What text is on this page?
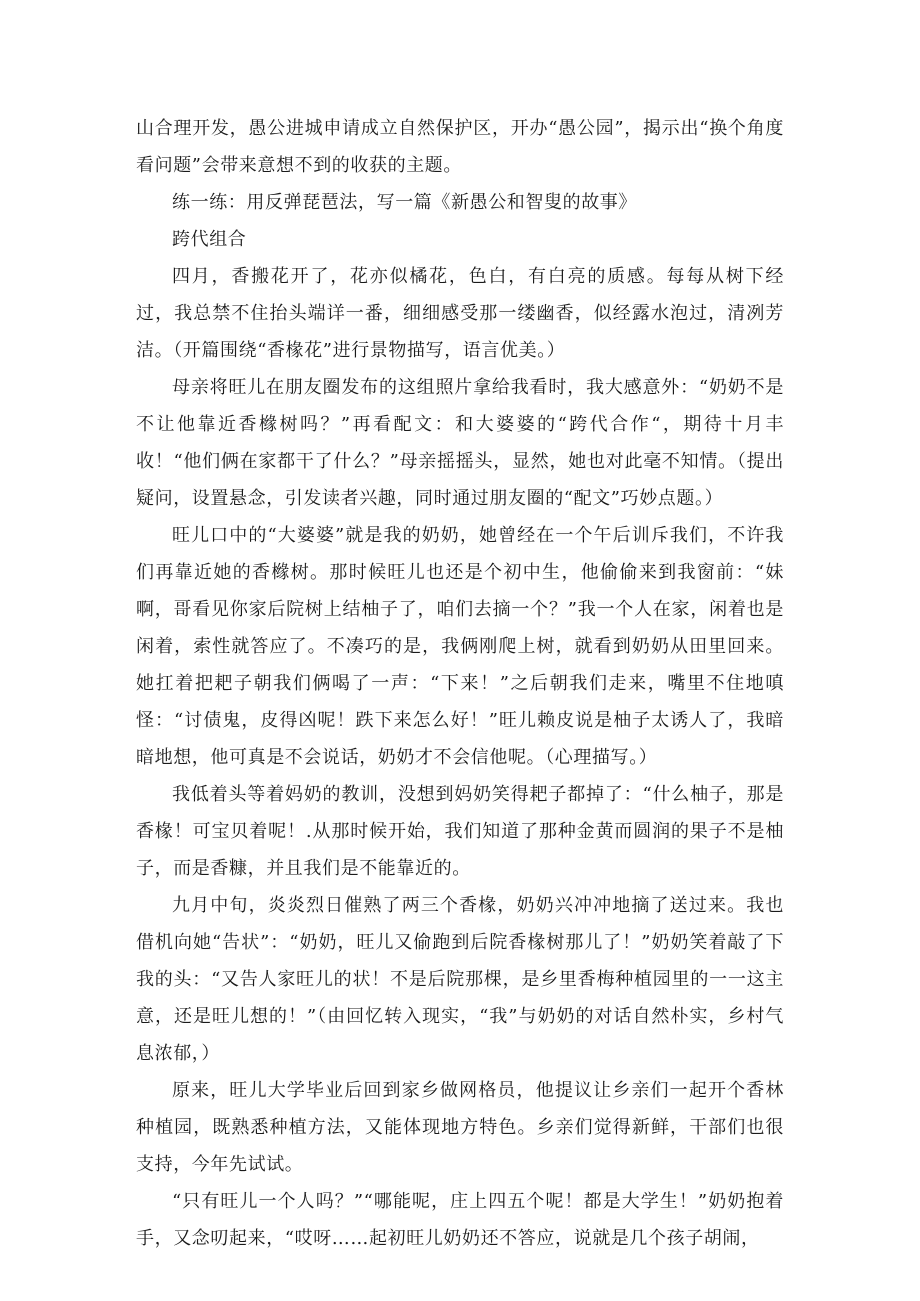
山合理开发，愚公进城申请成立自然保护区，开办“愚公园”，揭示出“换个角度看问题”会带来意想不到的收获的主题。

练一练：用反弹琵琶法，写一篇《新愚公和智叟的故事》

跨代组合

四月，香搬花开了，花亦似橘花，色白，有白亮的质感。每每从树下经过，我总禁不住抬头端详一番，细细感受那一缕幽香，似经露水泡过，清冽芳洁。（开篇围绕“香椽花”进行景物描写，语言优美。）

母亲将旺儿在朋友圈发布的这组照片拿给我看时，我大感意外：“奶奶不是不让他靠近香橼树吗？”再看配文：和大婆婆的“跨代合作“，期待十月丰收！“他们俩在家都干了什么？”母亲摇摇头，显然，她也对此毫不知情。（提出疑问，设置悬念，引发读者兴趣，同时通过朋友圈的“配文”巧妙点题。）

旺儿口中的“大婆婆”就是我的奶奶，她曾经在一个午后训斥我们，不许我们再靠近她的香橼树。那时候旺儿也还是个初中生，他偷偷来到我窗前：“妹啊，哥看见你家后院树上结柚子了，咱们去摘一个？”我一个人在家，闲着也是闲着，索性就答应了。不凑巧的是，我俩刚爬上树，就看到奶奶从田里回来。她扛着把耙子朝我们俩喝了一声：“下来！”之后朝我们走来，嘴里不住地嗔怪：“讨债鬼，皮得凶呢！跌下来怎么好！”旺儿赖皮说是柚子太诱人了，我暗暗地想，他可真是不会说话，奶奶才不会信他呢。（心理描写。）

我低着头等着妈奶的教训，没想到妈奶笑得耙子都掉了：“什么柚子，那是香椽！可宝贝着呢！.从那时候开始，我们知道了那种金黄而圆润的果子不是柚子，而是香糠，并且我们是不能靠近的。

九月中旬，炎炎烈日催熟了两三个香椽，奶奶兴冲冲地摘了送过来。我也借机向她“告状”：“奶奶，旺儿又偷跑到后院香椽树那儿了！”奶奶笑着敲了下我的头：“又告人家旺儿的状！不是后院那棵，是乡里香梅种植园里的一一这主意，还是旺儿想的！”（由回忆转入现实，“我”与奶奶的对话自然朴实，乡村气息浓郁，）

原来，旺儿大学毕业后回到家乡做网格员，他提议让乡亲们一起开个香林种植园，既熟悉种植方法，又能体现地方特色。乡亲们觉得新鲜，干部们也很支持，今年先试试。

“只有旺儿一个人吗？”“哪能呢，庄上四五个呢！都是大学生！”奶奶抱着手，又念叨起来，“哎呀……起初旺儿奶奶还不答应，说就是几个孩子胡闹，
